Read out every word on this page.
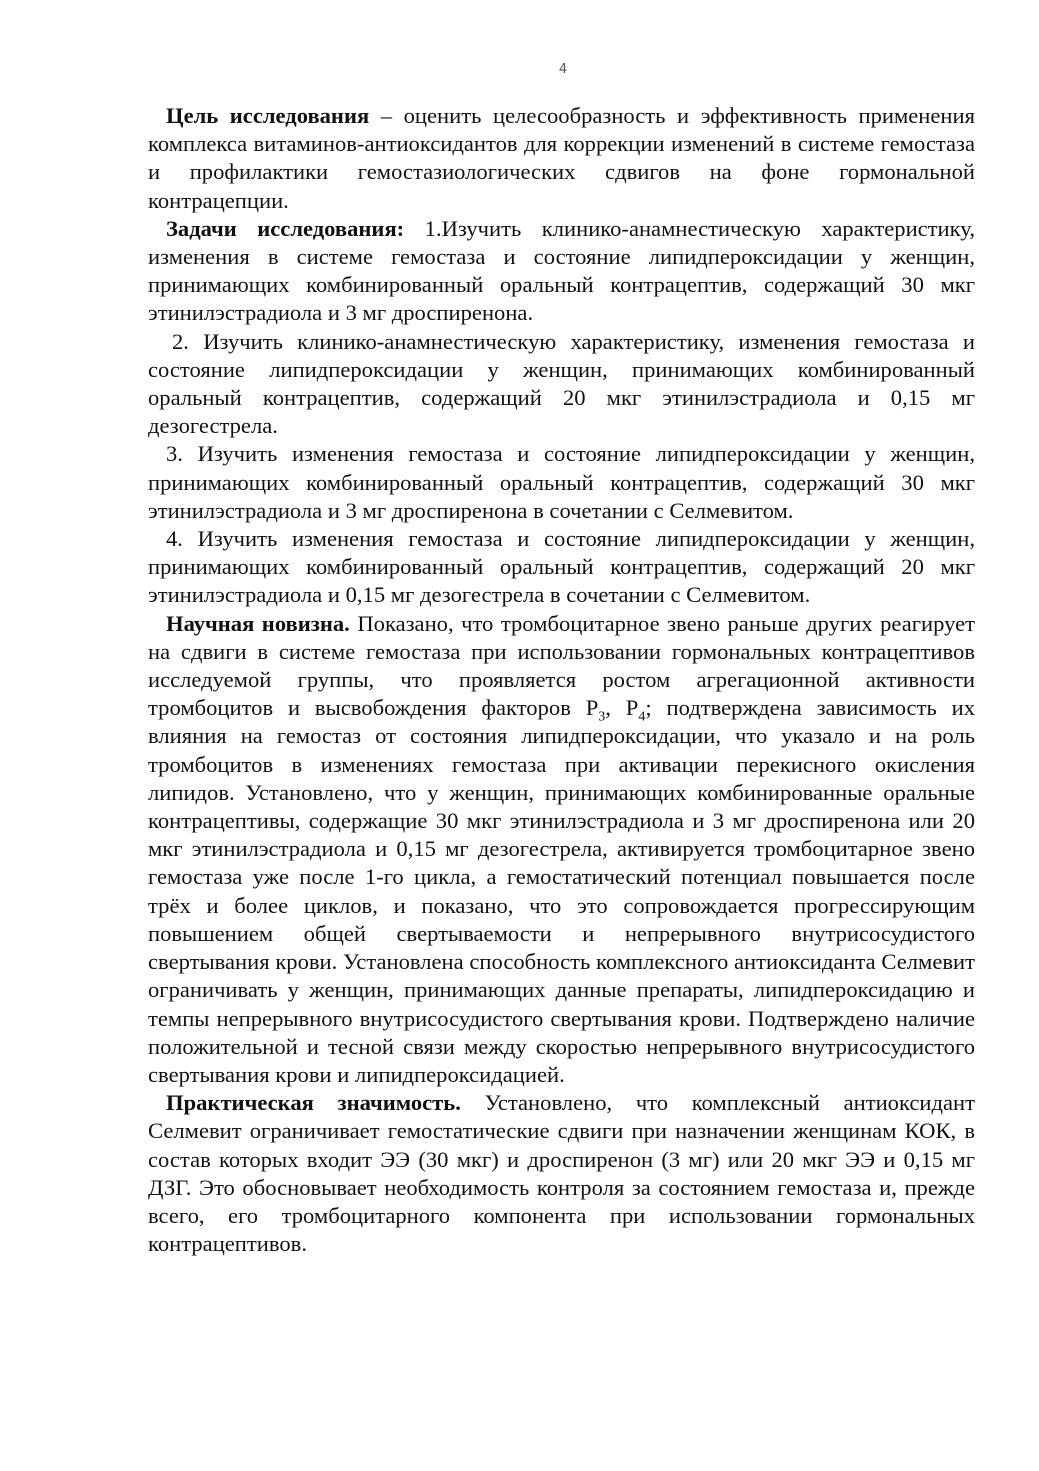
4

Цель исследования – оценить целесообразность и эффективность применения комплекса витаминов-антиоксидантов для коррекции изменений в системе гемостаза и профилактики гемостазиологических сдвигов на фоне гормональной контрацепции.

Задачи исследования: 1.Изучить клинико-анамнестическую характеристику, изменения в системе гемостаза и состояние липидпероксидации у женщин, принимающих комбинированный оральный контрацептив, содержащий 30 мкг этинилэстрадиола и 3 мг дроспиренона.

2. Изучить клинико-анамнестическую характеристику, изменения гемостаза и состояние липидпероксидации у женщин, принимающих комбинированный оральный контрацептив, содержащий 20 мкг этинилэстрадиола и 0,15 мг дезогестрела.

3. Изучить изменения гемостаза и состояние липидпероксидации у женщин, принимающих комбинированный оральный контрацептив, содержащий 30 мкг этинилэстрадиола и 3 мг дроспиренона в сочетании с Селмевитом.

4. Изучить изменения гемостаза и состояние липидпероксидации у женщин, принимающих комбинированный оральный контрацептив, содержащий 20 мкг этинилэстрадиола и 0,15 мг дезогестрела в сочетании с Селмевитом.

Научная новизна. Показано, что тромбоцитарное звено раньше других реагирует на сдвиги в системе гемостаза при использовании гормональных контрацептивов исследуемой группы, что проявляется ростом агрегационной активности тромбоцитов и высвобождения факторов $P_3$, $P_4$; подтверждена зависимость их влияния на гемостаз от состояния липидпероксидации, что указало и на роль тромбоцитов в изменениях гемостаза при активации перекисного окисления липидов. Установлено, что у женщин, принимающих комбинированные оральные контрацептивы, содержащие 30 мкг этинилэстрадиола и 3 мг дроспиренона или 20 мкг этинилэстрадиола и 0,15 мг дезогестрела, активируется тромбоцитарное звено гемостаза уже после 1-го цикла, а гемостатический потенциал повышается после трёх и более циклов, и показано, что это сопровождается прогрессирующим повышением общей свертываемости и непрерывного внутрисосудистого свертывания крови. Установлена способность комплексного антиоксиданта Селмевит ограничивать у женщин, принимающих данные препараты, липидпероксидацию и темпы непрерывного внутрисосудистого свертывания крови. Подтверждено наличие положительной и тесной связи между скоростью непрерывного внутрисосудистого свертывания крови и липидпероксидацией.

Практическая значимость. Установлено, что комплексный антиоксидант Селмевит ограничивает гемостатические сдвиги при назначении женщинам КОК, в состав которых входит ЭЭ (30 мкг) и дроспиренон (3 мг) или 20 мкг ЭЭ и 0,15 мг ДЗГ. Это обосновывает необходимость контроля за состоянием гемостаза и, прежде всего, его тромбоцитарного компонента при использовании гормональных контрацептивов.
